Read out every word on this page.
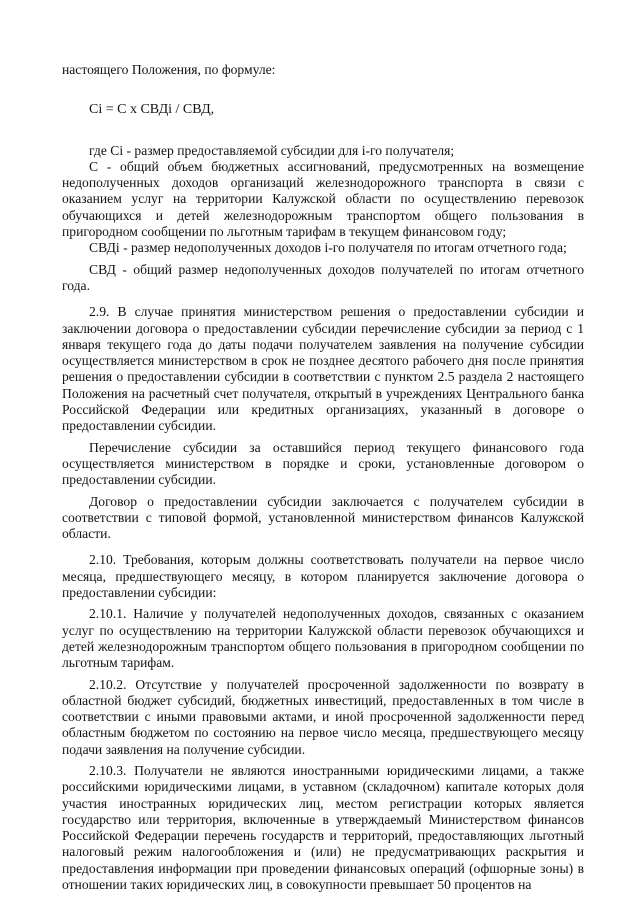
настоящего Положения, по формуле:

Ci = C x СВДi / СВД,

где Ci - размер предоставляемой субсидии для i-го получателя;

С - общий объем бюджетных ассигнований, предусмотренных на возмещение недополученных доходов организаций железнодорожного транспорта в связи с оказанием услуг на территории Калужской области по осуществлению перевозок обучающихся и детей железнодорожным транспортом общего пользования в пригородном сообщении по льготным тарифам в текущем финансовом году;

СВДi - размер недополученных доходов i-го получателя по итогам отчетного года;

СВД - общий размер недополученных доходов получателей по итогам отчетного года.

2.9. В случае принятия министерством решения о предоставлении субсидии и заключении договора о предоставлении субсидии перечисление субсидии за период с 1 января текущего года до даты подачи получателем заявления на получение субсидии осуществляется министерством в срок не позднее десятого рабочего дня после принятия решения о предоставлении субсидии в соответствии с пунктом 2.5 раздела 2 настоящего Положения на расчетный счет получателя, открытый в учреждениях Центрального банка Российской Федерации или кредитных организациях, указанный в договоре о предоставлении субсидии.

Перечисление субсидии за оставшийся период текущего финансового года осуществляется министерством в порядке и сроки, установленные договором о предоставлении субсидии.

Договор о предоставлении субсидии заключается с получателем субсидии в соответствии с типовой формой, установленной министерством финансов Калужской области.

2.10. Требования, которым должны соответствовать получатели на первое число месяца, предшествующего месяцу, в котором планируется заключение договора о предоставлении субсидии:

2.10.1. Наличие у получателей недополученных доходов, связанных с оказанием услуг по осуществлению на территории Калужской области перевозок обучающихся и детей железнодорожным транспортом общего пользования в пригородном сообщении по льготным тарифам.

2.10.2. Отсутствие у получателей просроченной задолженности по возврату в областной бюджет субсидий, бюджетных инвестиций, предоставленных в том числе в соответствии с иными правовыми актами, и иной просроченной задолженности перед областным бюджетом по состоянию на первое число месяца, предшествующего месяцу подачи заявления на получение субсидии.

2.10.3. Получатели не являются иностранными юридическими лицами, а также российскими юридическими лицами, в уставном (складочном) капитале которых доля участия иностранных юридических лиц, местом регистрации которых является государство или территория, включенные в утверждаемый Министерством финансов Российской Федерации перечень государств и территорий, предоставляющих льготный налоговый режим налогообложения и (или) не предусматривающих раскрытия и предоставления информации при проведении финансовых операций (офшорные зоны) в отношении таких юридических лиц, в совокупности превышает 50 процентов на
